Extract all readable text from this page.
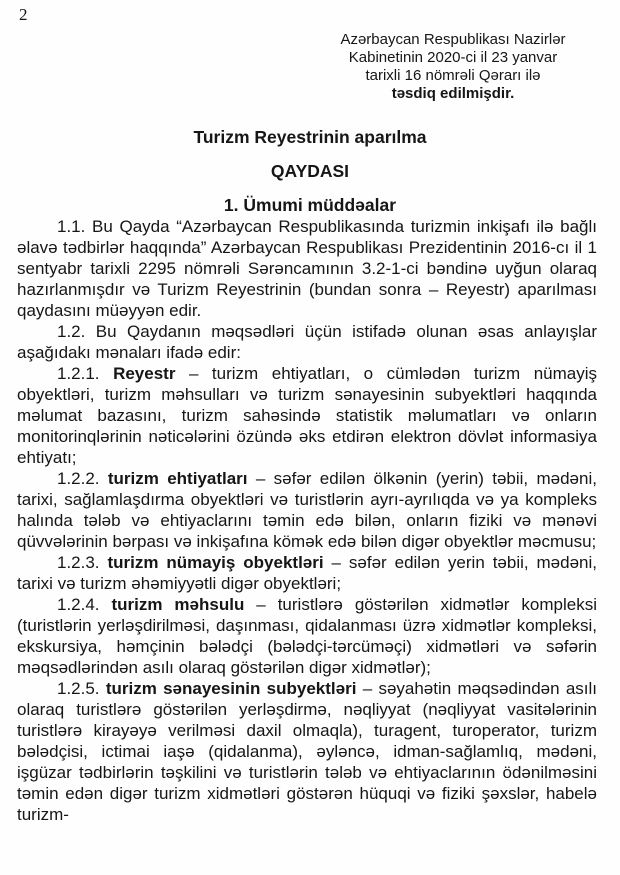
2
Azərbaycan Respublikası Nazirlər
Kabinetinin 2020-ci il 23 yanvar
tarixli 16 nömrəli Qərarı ilə
təsdiq edilmişdir.
Turizm Reyestrinin aparılma
QAYDASI
1. Ümumi müddəalar

1.1. Bu Qayda “Azərbaycan Respublikasında turizmin inkişafı ilə bağlı əlavə tədbirlər haqqında” Azərbaycan Respublikası Prezidentinin 2016-cı il 1 sentyabr tarixli 2295 nömrəli Sərəncamının 3.2-1-ci bəndinə uyğun olaraq hazırlanmışdır və Turizm Reyestrinin (bundan sonra – Reyestr) aparılması qaydasını müəyyən edir.

1.2. Bu Qaydanın məqsədləri üçün istifadə olunan əsas anlayışlar aşağıdakı mənaları ifadə edir:

1.2.1. Reyestr – turizm ehtiyatları, o cümlədən turizm nümayiş obyektləri, turizm məhsulları və turizm sənayesinin subyektləri haqqında məlumat bazasını, turizm sahəsində statistik məlumatları və onların monitorinqlərinin nəticələrini özündə əks etdirən elektron dövlət informasiya ehtiyatı;

1.2.2. turizm ehtiyatları – səfər edilən ölkənin (yerin) təbii, mədəni, tarixi, sağlamlaşdırma obyektləri və turistlərin ayrı-ayrılıqda və ya kompleks halında tələb və ehtiyaclarını təmin edə bilən, onların fiziki və mənəvi qüvvələrinin bərpası və inkişafına kömək edə bilən digər obyektlər məcmusu;

1.2.3. turizm nümayiş obyektləri – səfər edilən yerin təbii, mədəni, tarixi və turizm əhəmiyyətli digər obyektləri;

1.2.4. turizm məhsulu – turistlərə göstərilən xidmətlər kompleksi (turistlərin yerləşdirilməsi, daşınması, qidalanması üzrə xidmətlər kompleksi, ekskursiya, həmçinin bələdçi (bələdçi-tərcüməçi) xidmətləri və səfərin məqsədlərindən asılı olaraq göstərilən digər xidmətlər);

1.2.5. turizm sənayesinin subyektləri – səyahətin məqsədindən asılı olaraq turistlərə göstərilən yerləşdirmə, nəqliyyat (nəqliyyat vasitələrinin turistlərə kirayəyə verilməsi daxil olmaqla), turagent, turoperator, turizm bələdçisi, ictimai iaşə (qidalanma), əyləncə, idman-sağlamlıq, mədəni, işgüzar tədbirlərin təşkilini və turistlərin tələb və ehtiyaclarının ödənilməsini təmin edən digər turizm xidmətləri göstərən hüquqi və fiziki şəxslər, habelə turizm-
